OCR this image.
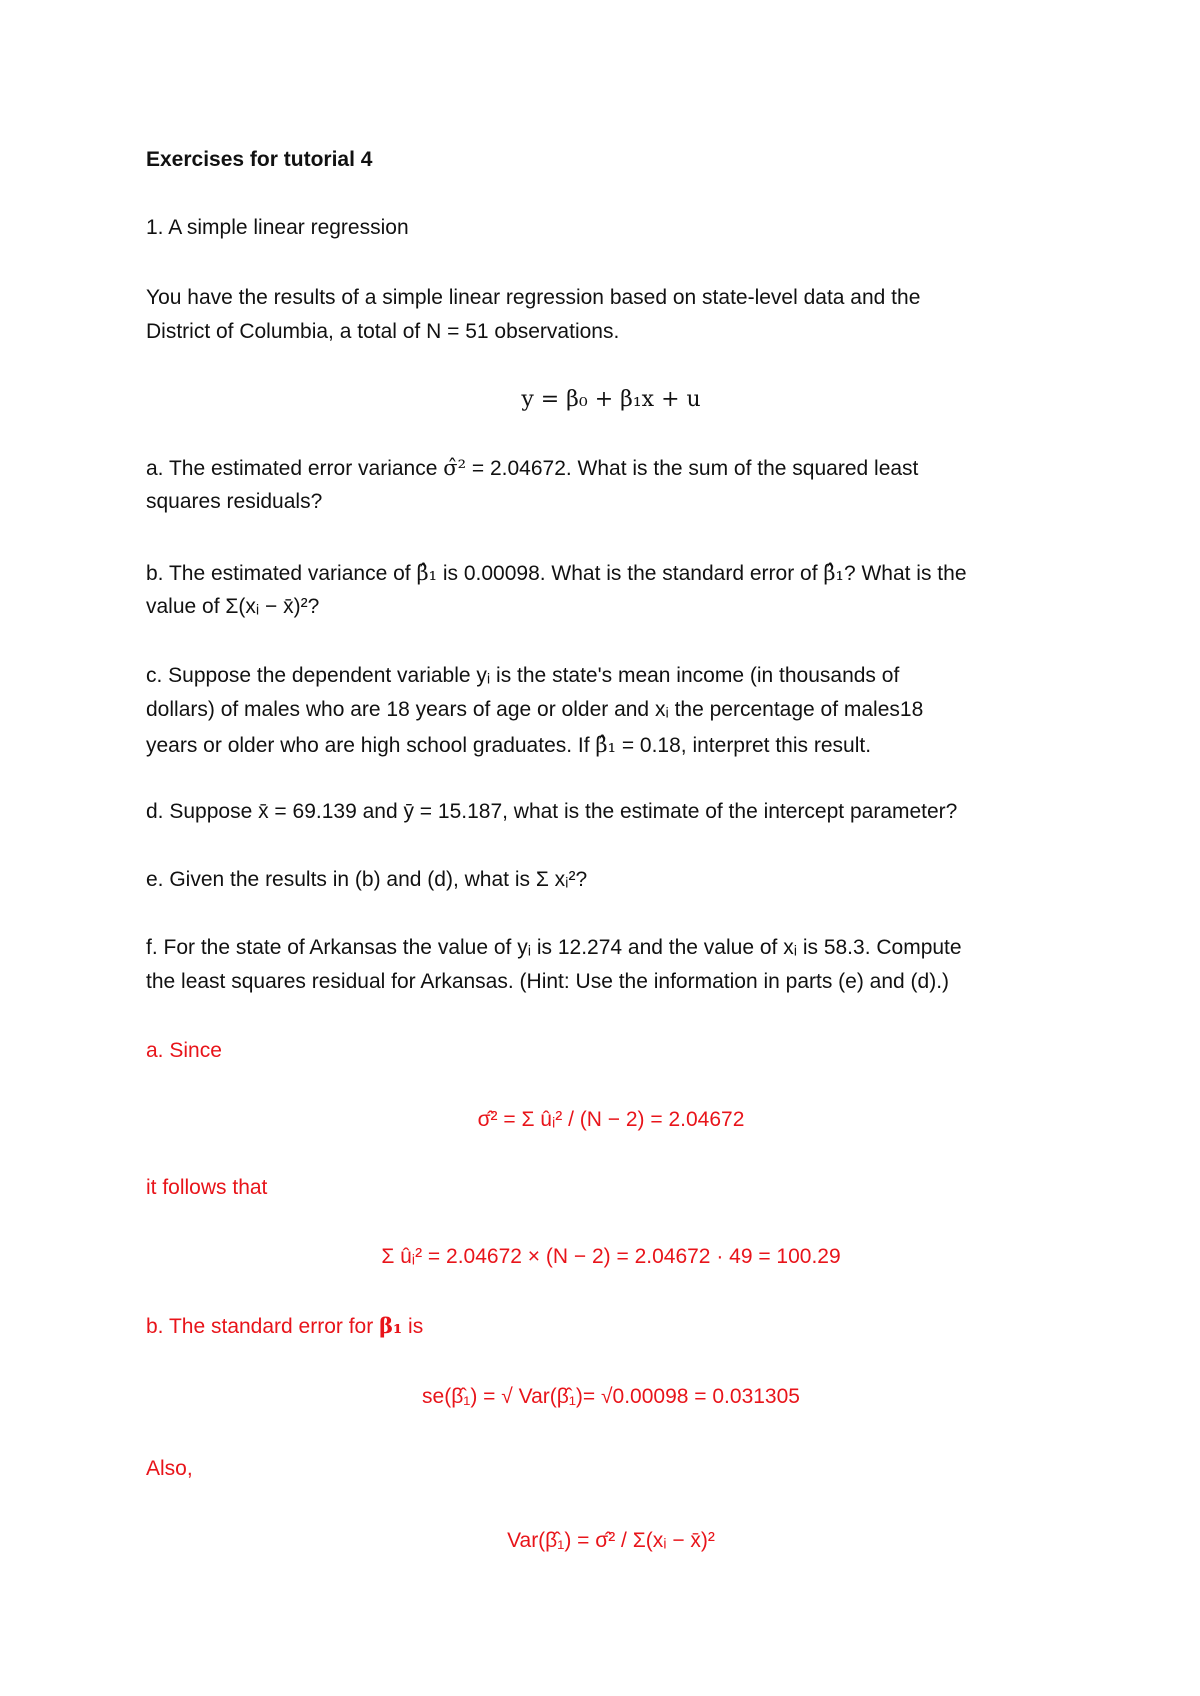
Exercises for tutorial 4
1. A simple linear regression
You have the results of a simple linear regression based on state-level data and the
District of Columbia, a total of N = 51 observations.
y = β₀ + β₁x + u
a. The estimated error variance σ̂² = 2.04672. What is the sum of the squared least
squares residuals?
b. The estimated variance of β̂₁ is 0.00098. What is the standard error of β̂₁? What is the
value of Σ(xᵢ − x̄)²?
c. Suppose the dependent variable yᵢ is the state's mean income (in thousands of
dollars) of males who are 18 years of age or older and xᵢ the percentage of males18
years or older who are high school graduates. If β̂₁ = 0.18, interpret this result.
d. Suppose x̄ = 69.139 and ȳ = 15.187, what is the estimate of the intercept parameter?
e. Given the results in (b) and (d), what is Σ xᵢ²?
f. For the state of Arkansas the value of yᵢ is 12.274 and the value of xᵢ is 58.3. Compute
the least squares residual for Arkansas. (Hint: Use the information in parts (e) and (d).)
a. Since
σ̂² = Σ ûᵢ² / (N − 2) = 2.04672
it follows that
Σ ûᵢ² = 2.04672 × (N − 2) = 2.04672 · 49 = 100.29
b. The standard error for β₁ is
se(β̂₁) = √ Var(β̂₁)= √0.00098 = 0.031305
Also,
Var(β̂₁) = σ̂² / Σ(xᵢ − x̄)²
